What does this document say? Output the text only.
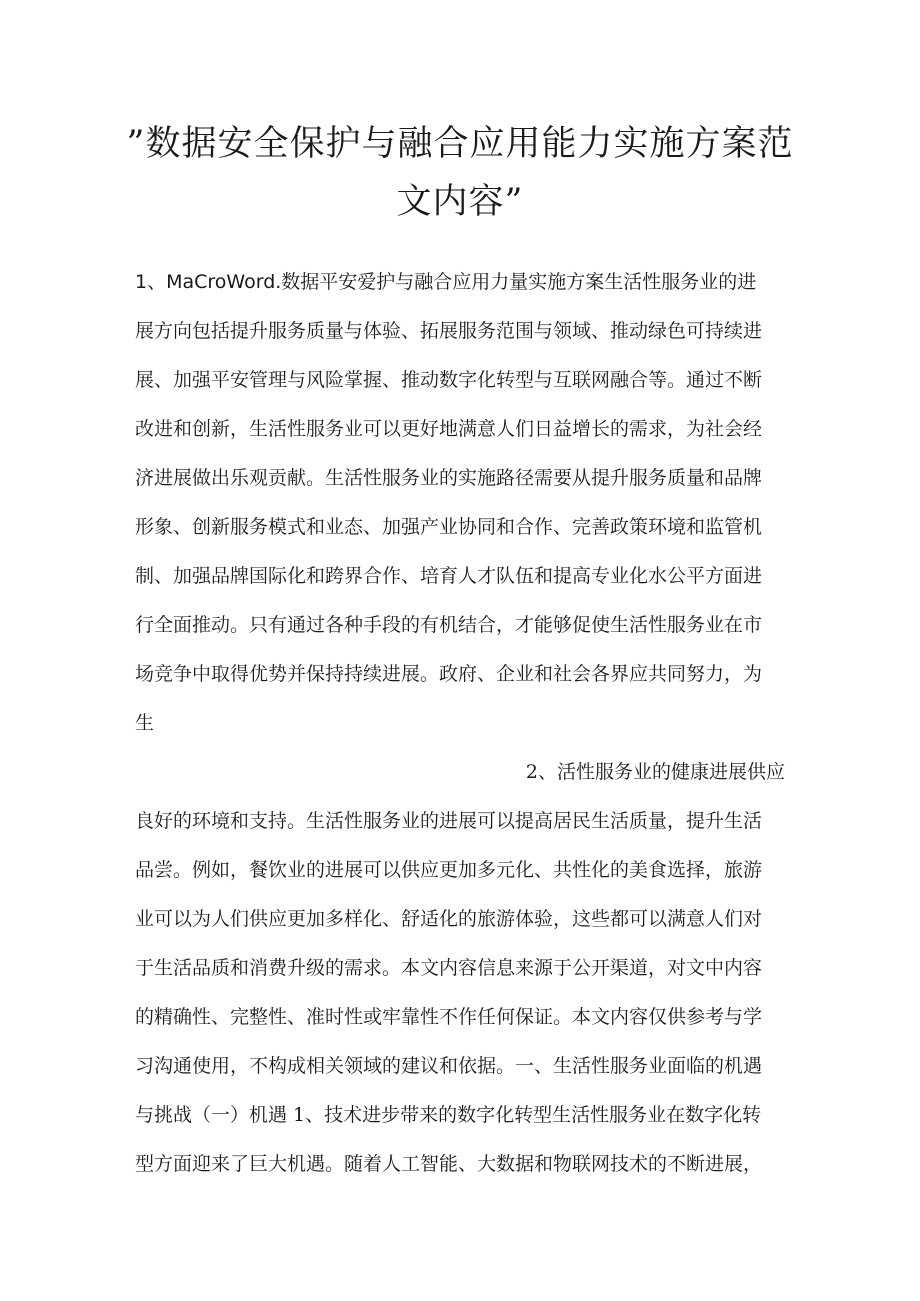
”数据安全保护与融合应用能力实施方案范
文内容”
1、MaCroWord.数据平安爱护与融合应用力量实施方案生活性服务业的进
展方向包括提升服务质量与体验、拓展服务范围与领域、推动绿色可持续进
展、加强平安管理与风险掌握、推动数字化转型与互联网融合等。通过不断
改进和创新，生活性服务业可以更好地满意人们日益增长的需求，为社会经
济进展做出乐观贡献。生活性服务业的实施路径需要从提升服务质量和品牌
形象、创新服务模式和业态、加强产业协同和合作、完善政策环境和监管机
制、加强品牌国际化和跨界合作、培育人才队伍和提高专业化水公平方面进
行全面推动。只有通过各种手段的有机结合，才能够促使生活性服务业在市
场竞争中取得优势并保持持续进展。政府、企业和社会各界应共同努力，为
生
2、活性服务业的健康进展供应
良好的环境和支持。生活性服务业的进展可以提高居民生活质量，提升生活
品尝。例如，餐饮业的进展可以供应更加多元化、共性化的美食选择，旅游
业可以为人们供应更加多样化、舒适化的旅游体验，这些都可以满意人们对
于生活品质和消费升级的需求。本文内容信息来源于公开渠道，对文中内容
的精确性、完整性、准时性或牢靠性不作任何保证。本文内容仅供参考与学
习沟通使用，不构成相关领域的建议和依据。一、生活性服务业面临的机遇
与挑战（一）机遇 1、技术进步带来的数字化转型生活性服务业在数字化转
型方面迎来了巨大机遇。随着人工智能、大数据和物联网技术的不断进展，
